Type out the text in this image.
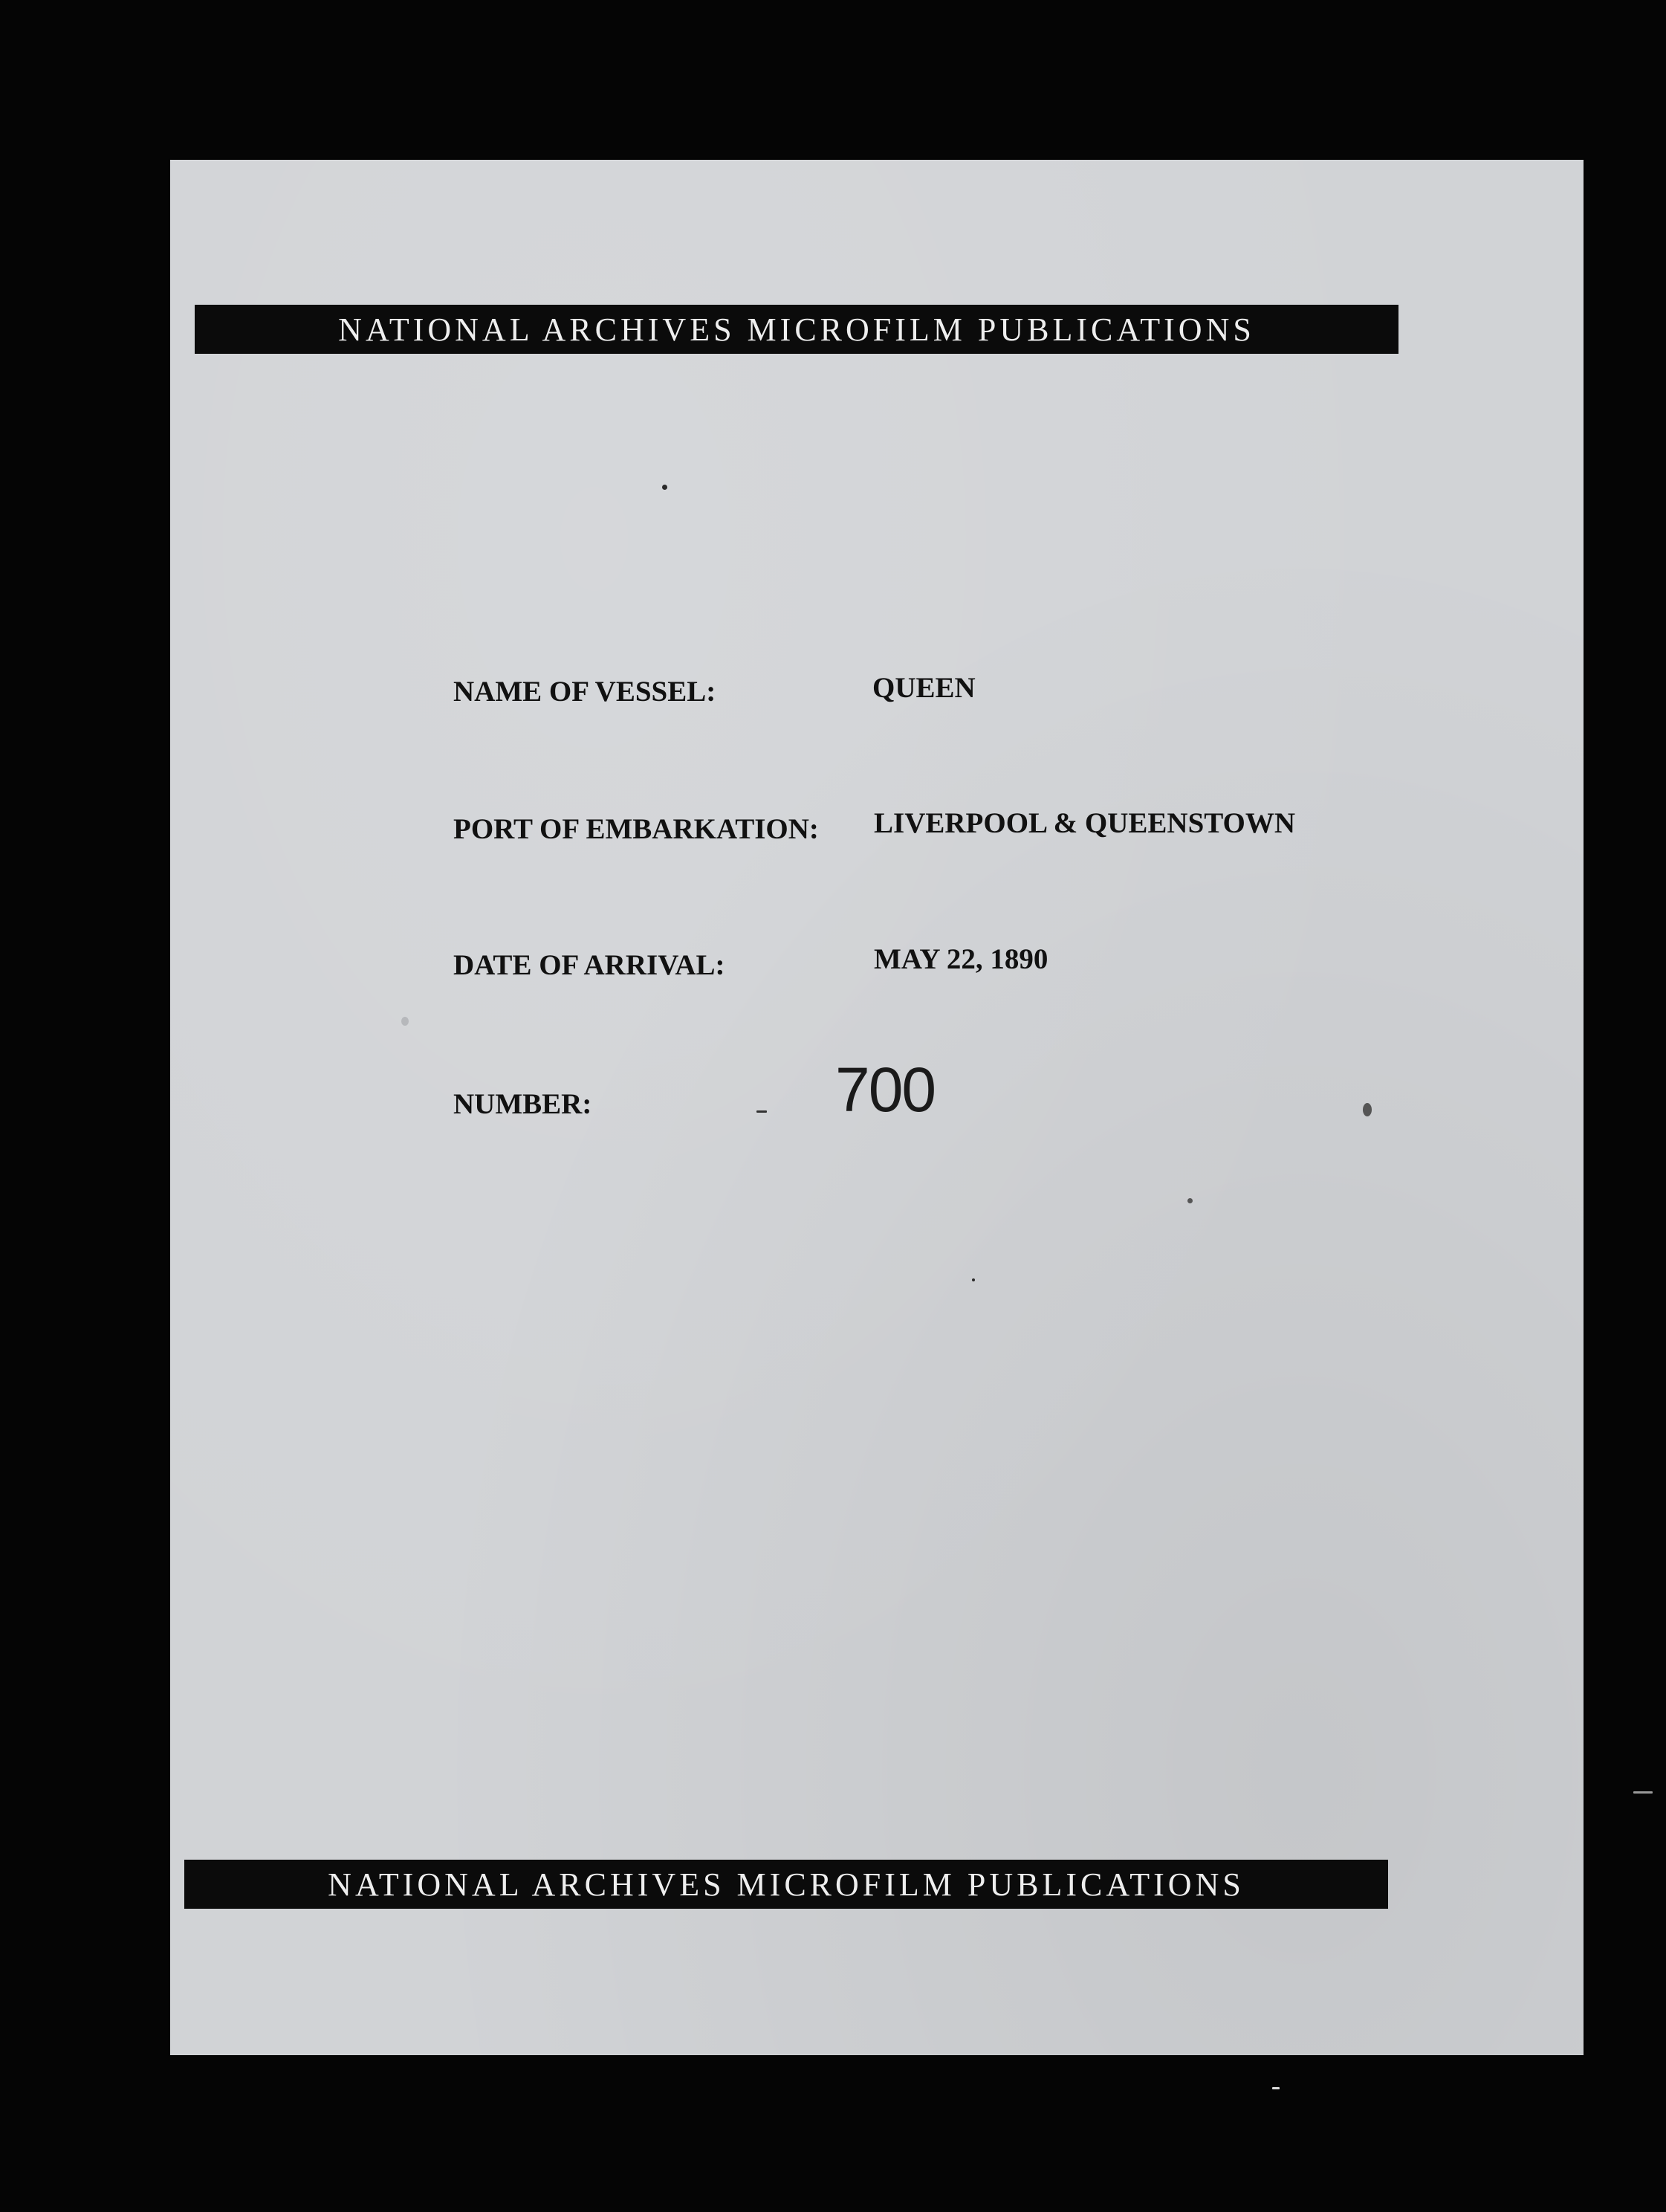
NATIONAL ARCHIVES MICROFILM PUBLICATIONS
NAME OF VESSEL:	QUEEN
PORT OF EMBARKATION: LIVERPOOL & QUEENSTOWN
DATE OF ARRIVAL:	MAY 22, 1890
NUMBER:	700
NATIONAL ARCHIVES MICROFILM PUBLICATIONS
